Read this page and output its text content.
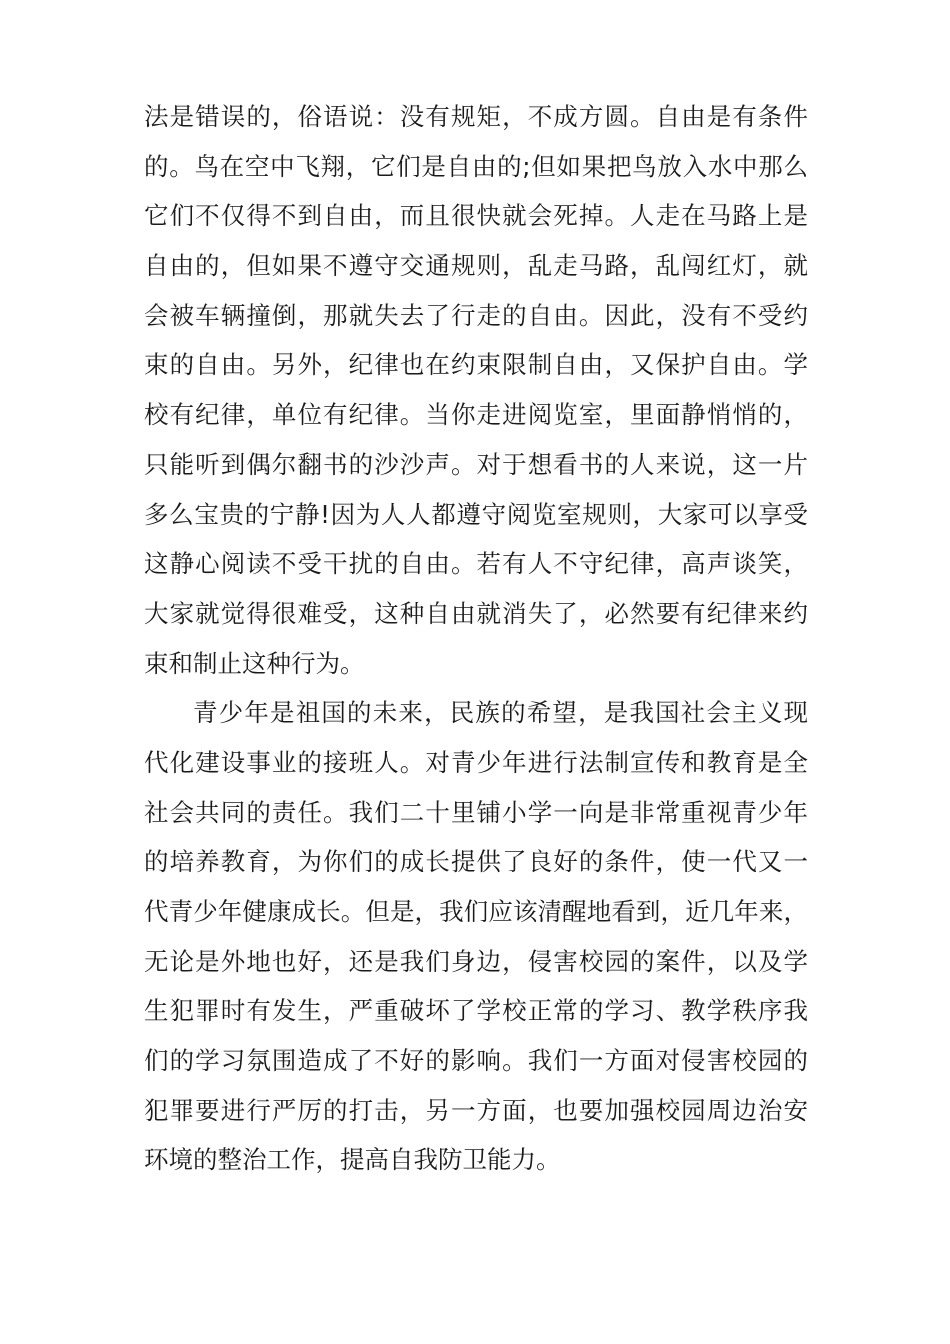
法是错误的，俗语说：没有规矩，不成方圆。自由是有条件
的。鸟在空中飞翔，它们是自由的;但如果把鸟放入水中那么
它们不仅得不到自由，而且很快就会死掉。人走在马路上是
自由的，但如果不遵守交通规则，乱走马路，乱闯红灯，就
会被车辆撞倒，那就失去了行走的自由。因此，没有不受约
束的自由。另外，纪律也在约束限制自由，又保护自由。学
校有纪律，单位有纪律。当你走进阅览室，里面静悄悄的，
只能听到偶尔翻书的沙沙声。对于想看书的人来说，这一片
多么宝贵的宁静!因为人人都遵守阅览室规则，大家可以享受
这静心阅读不受干扰的自由。若有人不守纪律，高声谈笑，
大家就觉得很难受，这种自由就消失了，必然要有纪律来约
束和制止这种行为。
青少年是祖国的未来，民族的希望，是我国社会主义现
代化建设事业的接班人。对青少年进行法制宣传和教育是全
社会共同的责任。我们二十里铺小学一向是非常重视青少年
的培养教育，为你们的成长提供了良好的条件，使一代又一
代青少年健康成长。但是，我们应该清醒地看到，近几年来，
无论是外地也好，还是我们身边，侵害校园的案件，以及学
生犯罪时有发生，严重破坏了学校正常的学习、教学秩序我
们的学习氛围造成了不好的影响。我们一方面对侵害校园的
犯罪要进行严厉的打击，另一方面，也要加强校园周边治安
环境的整治工作，提高自我防卫能力。
